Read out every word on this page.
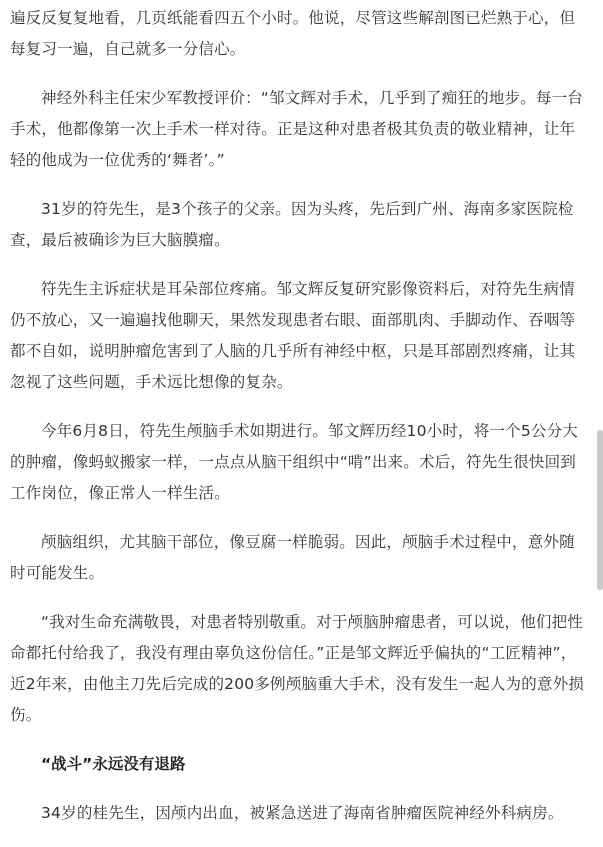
遍反反复复地看，几页纸能看四五个小时。他说，尽管这些解剖图已烂熟于心，但每复习一遍，自己就多一分信心。

神经外科主任宋少军教授评价：“邹文辉对手术，几乎到了痴狂的地步。每一台手术，他都像第一次上手术一样对待。正是这种对患者极其负责的敬业精神，让年轻的他成为一位优秀的‘舞者’。”

31岁的符先生，是3个孩子的父亲。因为头疼，先后到广州、海南多家医院检查，最后被确诊为巨大脑膜瘤。

符先生主诉症状是耳朵部位疼痛。邹文辉反复研究影像资料后，对符先生病情仍不放心，又一遍遍找他聊天，果然发现患者右眼、面部肌肉、手脚动作、吞咽等都不自如，说明肿瘤危害到了人脑的几乎所有神经中枢，只是耳部剧烈疼痛，让其忽视了这些问题，手术远比想像的复杂。

今年6月8日，符先生颅脑手术如期进行。邹文辉历经10小时，将一个5公分大的肿瘤，像蚂蚁搬家一样，一点点从脑干组织中“啃”出来。术后，符先生很快回到工作岗位，像正常人一样生活。

颅脑组织，尤其脑干部位，像豆腐一样脆弱。因此，颅脑手术过程中，意外随时可能发生。

“我对生命充满敬畏，对患者特别敬重。对于颅脑肿瘤患者，可以说，他们把性命都托付给我了，我没有理由辜负这份信任。”正是邹文辉近乎偏执的“工匠精神”，近2年来，由他主刀先后完成的200多例颅脑重大手术，没有发生一起人为的意外损伤。

“战斗”永远没有退路

34岁的桂先生，因颅内出血，被紧急送进了海南省肿瘤医院神经外科病房。
